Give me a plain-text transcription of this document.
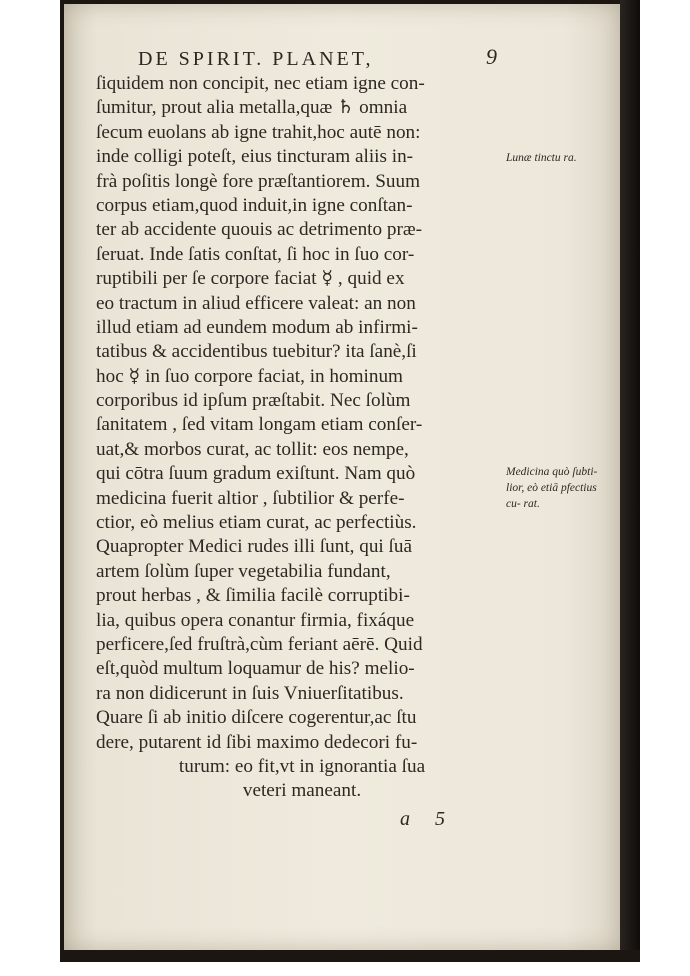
DE SPIRIT. PLANET,	9
ſiquidem non concipit, nec etiam igne con-
ſumitur, prout alia metalla,quæ ♄ omnia
ſecum euolans ab igne trahit,hoc autē non:
inde colligi poteſt, eius tincturam aliis in-
frà poſitis longè fore præſtantiorem. Suum
corpus etiam,quod induit,in igne conſtan-
ter ab accidente quouis ac detrimento præ-
ſeruat. Inde ſatis conſtat, ſi hoc in ſuo cor-
ruptibili per ſe corpore faciat ☿ , quid ex
eo tractum in aliud efficere valeat: an non
illud etiam ad eundem modum ab infirmi-
tatibus & accidentibus tuebitur? ita ſanè,ſi
hoc ☿ in ſuo corpore faciat, in hominum
corporibus id ipſum præſtabit. Nec ſolùm
ſanitatem , ſed vitam longam etiam conſer-
uat,& morbos curat, ac tollit: eos nempe,
qui cōtra ſuum gradum exiſtunt. Nam quò
medicina fuerit altior , ſubtilior & perfe-
ctior, eò melius etiam curat, ac perfectiùs.
Quapropter Medici rudes illi ſunt, qui ſuā
artem ſolùm ſuper vegetabilia fundant,
prout herbas , & ſimilia facilè corruptibi-
lia, quibus opera conantur firmia, fixáque
perficere,ſed fruſtrà,cùm feriant aērē. Quid
eſt,quòd multum loquamur de his? melio-
ra non didicerunt in ſuis Vniuerſitatibus.
Quare ſi ab initio diſcere cogerentur,ac ſtu
dere, putarent id ſibi maximo dedecori fu-
turum: eo fit,vt in ignorantia ſua
veteri maneant.
Lunæ tinctu ra.
Medicina quò ſubti- lior, eò etiā pfectius cu- rat.
a 5
